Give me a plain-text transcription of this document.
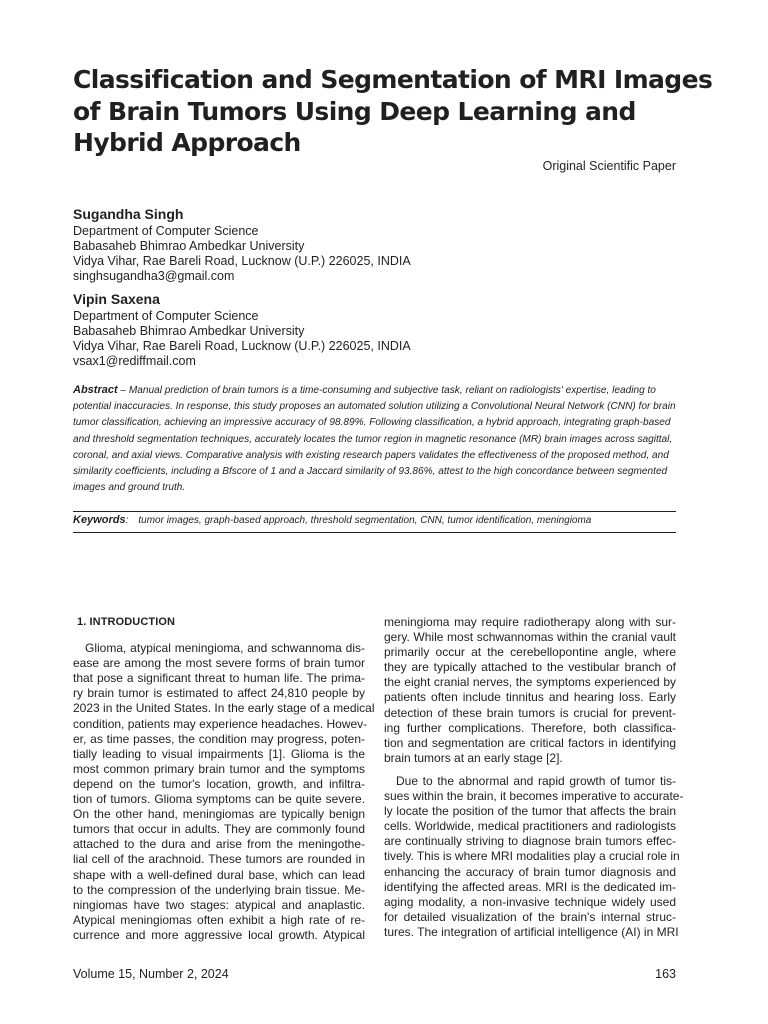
Classification and Segmentation of MRI Images
of Brain Tumors Using Deep Learning and
Hybrid Approach
Original Scientific Paper
Sugandha Singh
Department of Computer Science
Babasaheb Bhimrao Ambedkar University
Vidya Vihar, Rae Bareli Road, Lucknow (U.P.) 226025, INDIA
singhsugandha3@gmail.com
Vipin Saxena
Department of Computer Science
Babasaheb Bhimrao Ambedkar University
Vidya Vihar, Rae Bareli Road, Lucknow (U.P.) 226025, INDIA
vsax1@rediffmail.com
Abstract – Manual prediction of brain tumors is a time-consuming and subjective task, reliant on radiologists' expertise, leading to
potential inaccuracies. In response, this study proposes an automated solution utilizing a Convolutional Neural Network (CNN) for brain
tumor classification, achieving an impressive accuracy of 98.89%. Following classification, a hybrid approach, integrating graph-based
and threshold segmentation techniques, accurately locates the tumor region in magnetic resonance (MR) brain images across sagittal,
coronal, and axial views. Comparative analysis with existing research papers validates the effectiveness of the proposed method, and
similarity coefficients, including a Bfscore of 1 and a Jaccard similarity of 93.86%, attest to the high concordance between segmented
images and ground truth.
Keywords: tumor images, graph-based approach, threshold segmentation, CNN, tumor identification, meningioma
1. INTRODUCTION
Glioma, atypical meningioma, and schwannoma dis-
ease are among the most severe forms of brain tumor
that pose a significant threat to human life. The prima-
ry brain tumor is estimated to affect 24,810 people by
2023 in the United States. In the early stage of a medical
condition, patients may experience headaches. Howev-
er, as time passes, the condition may progress, poten-
tially leading to visual impairments [1]. Glioma is the
most common primary brain tumor and the symptoms
depend on the tumor's location, growth, and infiltra-
tion of tumors. Glioma symptoms can be quite severe.
On the other hand, meningiomas are typically benign
tumors that occur in adults. They are commonly found
attached to the dura and arise from the meningothe-
lial cell of the arachnoid. These tumors are rounded in
shape with a well-defined dural base, which can lead
to the compression of the underlying brain tissue. Me-
ningiomas have two stages: atypical and anaplastic.
Atypical meningiomas often exhibit a high rate of re-
currence and more aggressive local growth. Atypical
meningioma may require radiotherapy along with sur-
gery. While most schwannomas within the cranial vault
primarily occur at the cerebellopontine angle, where
they are typically attached to the vestibular branch of
the eight cranial nerves, the symptoms experienced by
patients often include tinnitus and hearing loss. Early
detection of these brain tumors is crucial for prevent-
ing further complications. Therefore, both classifica-
tion and segmentation are critical factors in identifying
brain tumors at an early stage [2].
Due to the abnormal and rapid growth of tumor tis-
sues within the brain, it becomes imperative to accurate-
ly locate the position of the tumor that affects the brain
cells. Worldwide, medical practitioners and radiologists
are continually striving to diagnose brain tumors effec-
tively. This is where MRI modalities play a crucial role in
enhancing the accuracy of brain tumor diagnosis and
identifying the affected areas. MRI is the dedicated im-
aging modality, a non-invasive technique widely used
for detailed visualization of the brain's internal struc-
tures. The integration of artificial intelligence (AI) in MRI
Volume 15, Number 2, 2024	163
